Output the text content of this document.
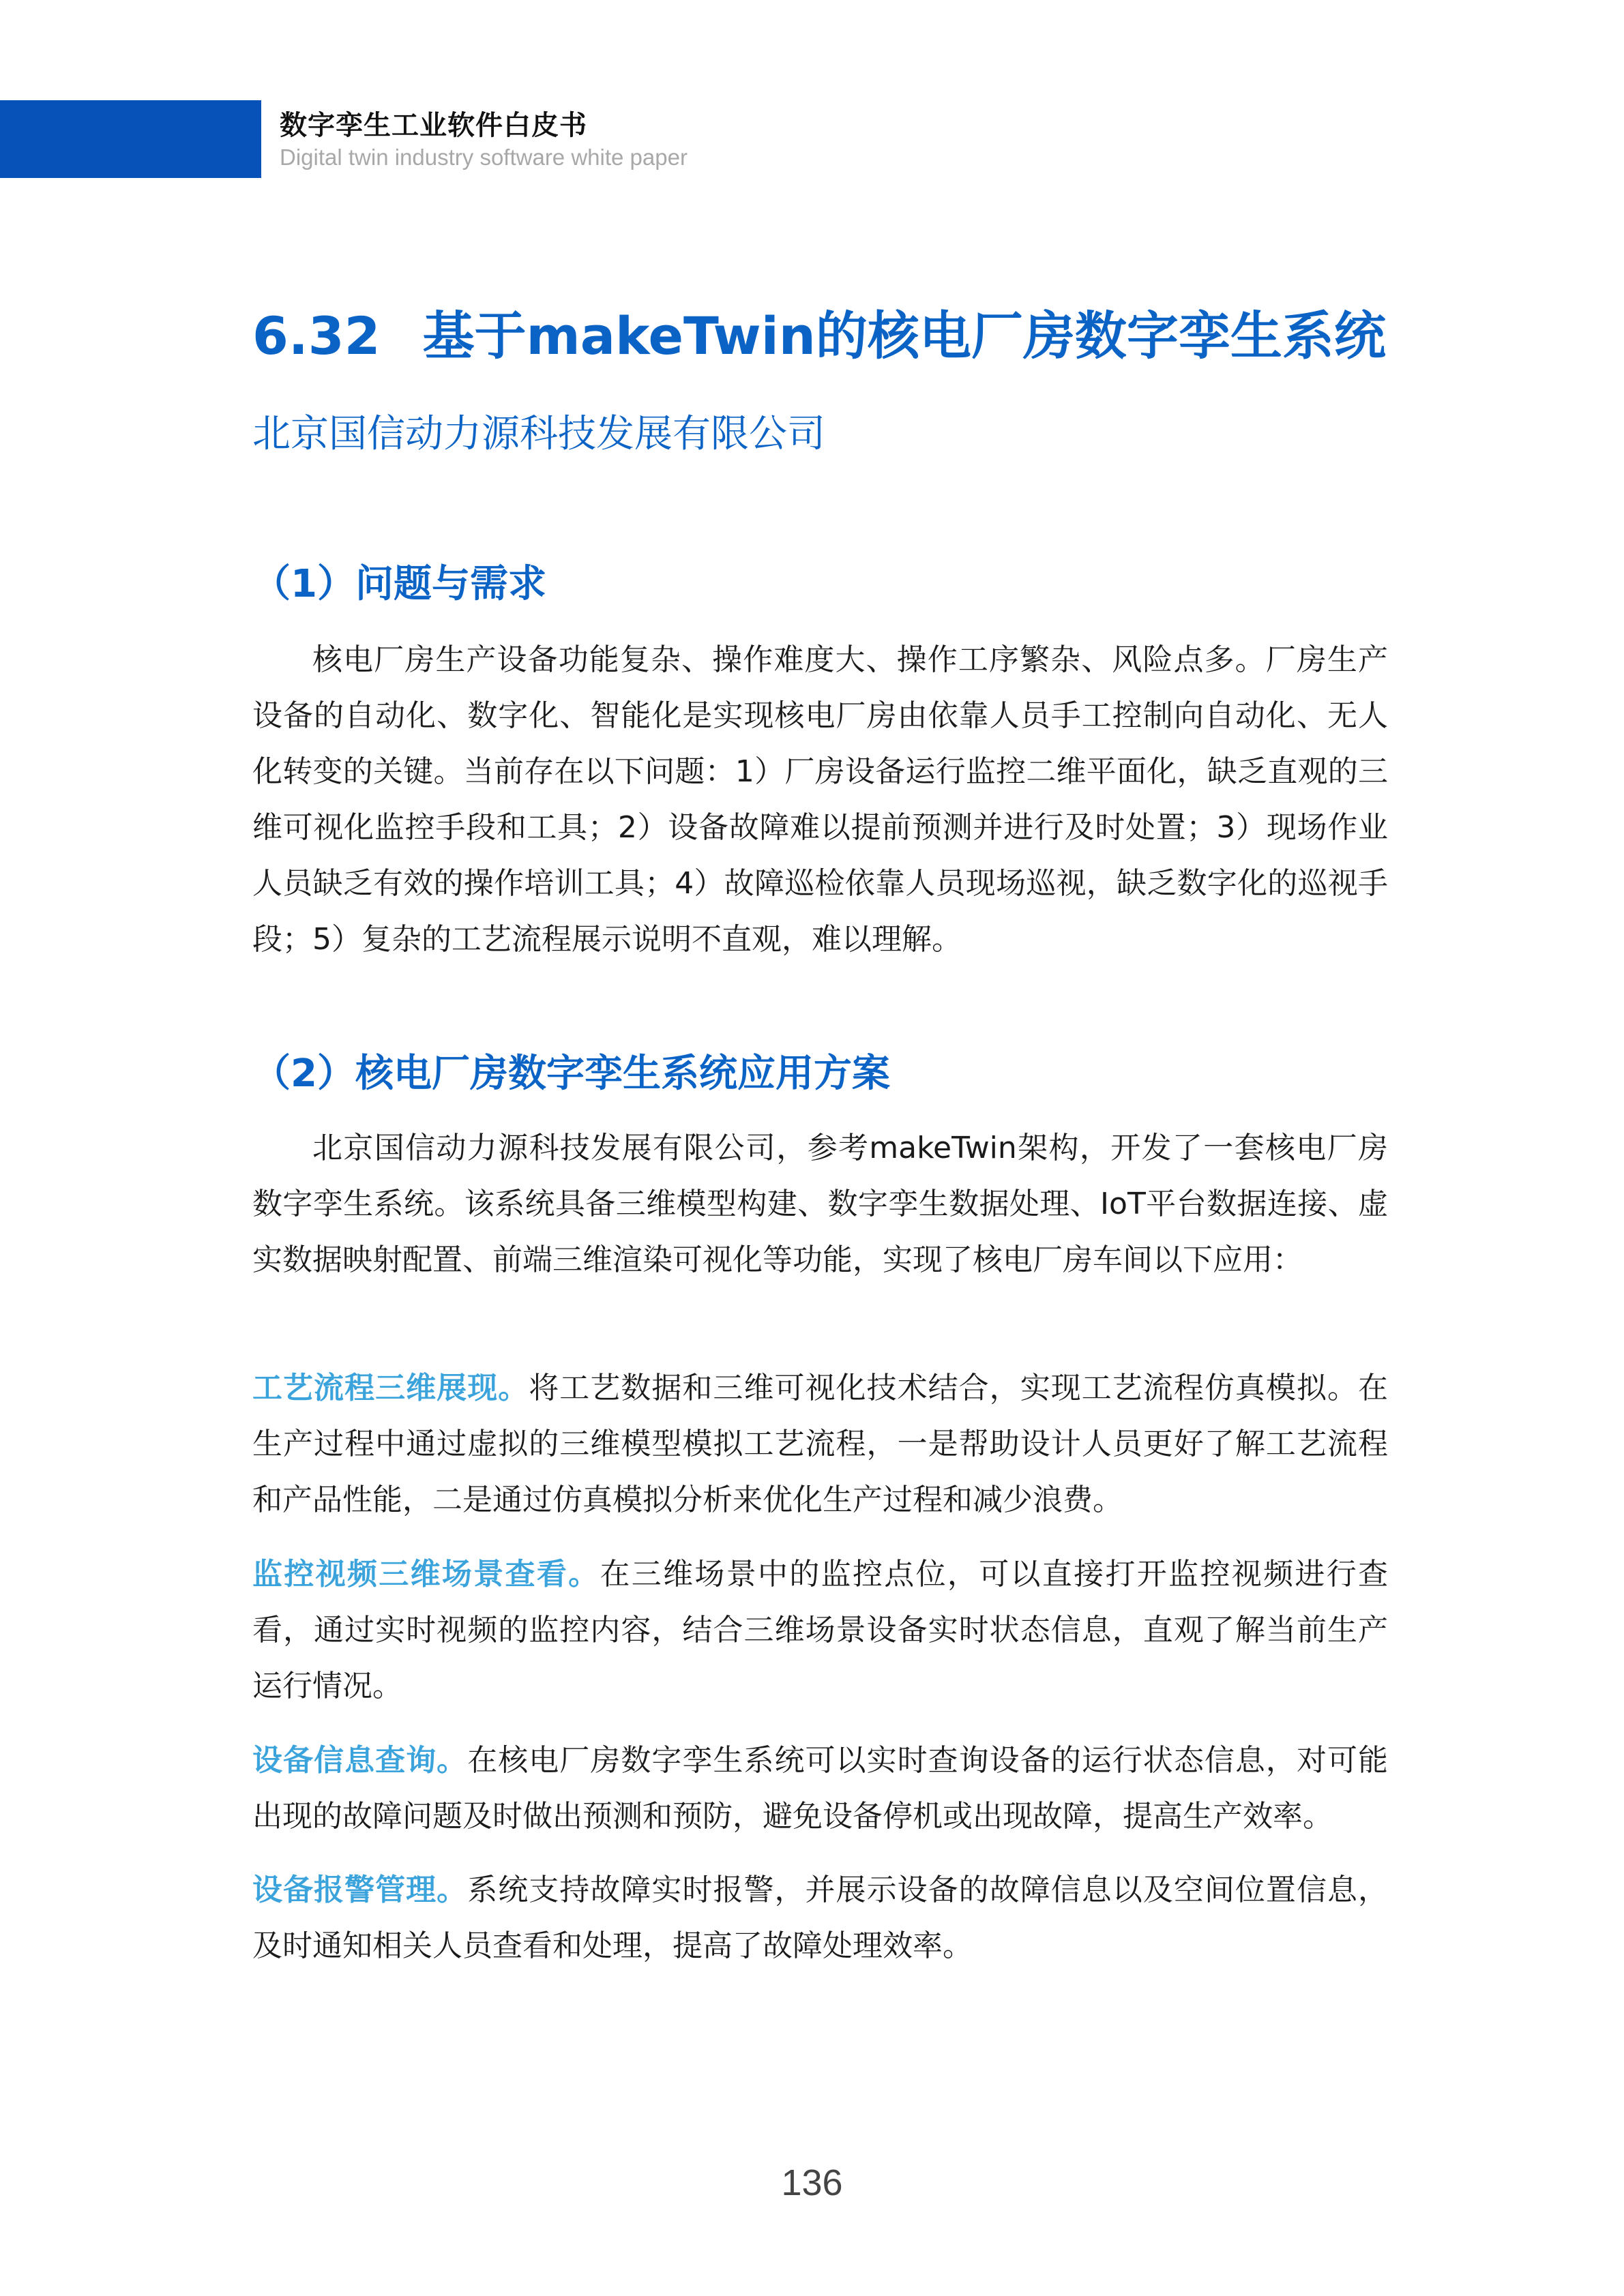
数字孪生工业软件白皮书
Digital twin industry software white paper
6.32 基于makeTwin的核电厂房数字孪生系统
北京国信动力源科技发展有限公司
（1）问题与需求
核电厂房生产设备功能复杂、操作难度大、操作工序繁杂、风险点多。厂房生产设备的自动化、数字化、智能化是实现核电厂房由依靠人员手工控制向自动化、无人化转变的关键。当前存在以下问题：1）厂房设备运行监控二维平面化，缺乏直观的三维可视化监控手段和工具；2）设备故障难以提前预测并进行及时处置；3）现场作业人员缺乏有效的操作培训工具；4）故障巡检依靠人员现场巡视，缺乏数字化的巡视手段；5）复杂的工艺流程展示说明不直观，难以理解。
（2）核电厂房数字孪生系统应用方案
北京国信动力源科技发展有限公司，参考makeTwin架构，开发了一套核电厂房数字孪生系统。该系统具备三维模型构建、数字孪生数据处理、IoT平台数据连接、虚实数据映射配置、前端三维渲染可视化等功能，实现了核电厂房车间以下应用：
工艺流程三维展现。将工艺数据和三维可视化技术结合，实现工艺流程仿真模拟。在生产过程中通过虚拟的三维模型模拟工艺流程，一是帮助设计人员更好了解工艺流程和产品性能，二是通过仿真模拟分析来优化生产过程和减少浪费。
监控视频三维场景查看。在三维场景中的监控点位，可以直接打开监控视频进行查看，通过实时视频的监控内容，结合三维场景设备实时状态信息，直观了解当前生产运行情况。
设备信息查询。在核电厂房数字孪生系统可以实时查询设备的运行状态信息，对可能出现的故障问题及时做出预测和预防，避免设备停机或出现故障，提高生产效率。
设备报警管理。系统支持故障实时报警，并展示设备的故障信息以及空间位置信息，及时通知相关人员查看和处理，提高了故障处理效率。
136
